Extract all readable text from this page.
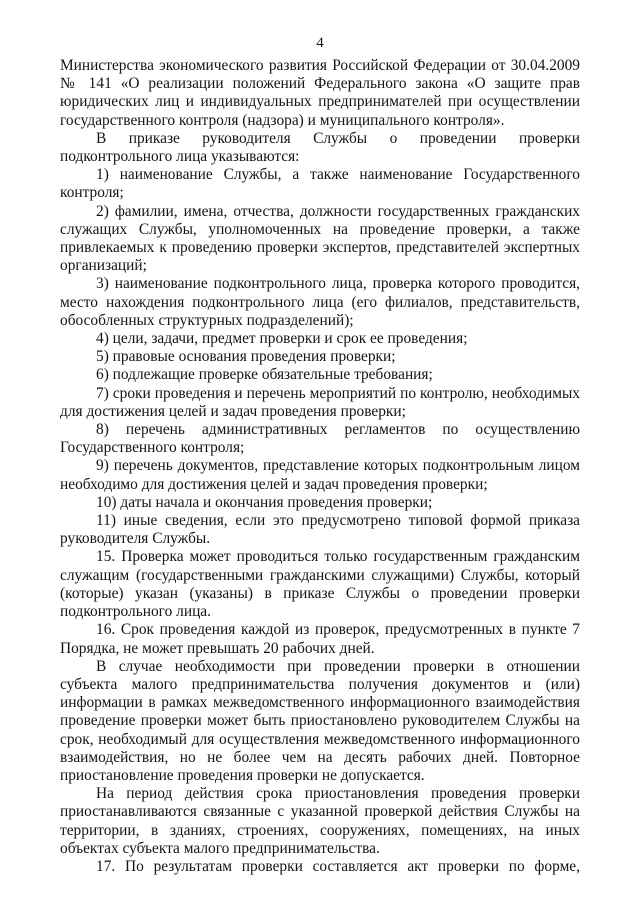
4

Министерства экономического развития Российской Федерации от 30.04.2009 № 141 «О реализации положений Федерального закона «О защите прав юридических лиц и индивидуальных предпринимателей при осуществлении государственного контроля (надзора) и муниципального контроля».

В приказе руководителя Службы о проведении проверки подконтрольного лица указываются:

1) наименование Службы, а также наименование Государственного контроля;

2) фамилии, имена, отчества, должности государственных гражданских служащих Службы, уполномоченных на проведение проверки, а также привлекаемых к проведению проверки экспертов, представителей экспертных организаций;

3) наименование подконтрольного лица, проверка которого проводится, место нахождения подконтрольного лица (его филиалов, представительств, обособленных структурных подразделений);

4) цели, задачи, предмет проверки и срок ее проведения;

5) правовые основания проведения проверки;

6) подлежащие проверке обязательные требования;

7) сроки проведения и перечень мероприятий по контролю, необходимых для достижения целей и задач проведения проверки;

8) перечень административных регламентов по осуществлению Государственного контроля;

9) перечень документов, представление которых подконтрольным лицом необходимо для достижения целей и задач проведения проверки;

10) даты начала и окончания проведения проверки;

11) иные сведения, если это предусмотрено типовой формой приказа руководителя Службы.

15. Проверка может проводиться только государственным гражданским служащим (государственными гражданскими служащими) Службы, который (которые) указан (указаны) в приказе Службы о проведении проверки подконтрольного лица.

16. Срок проведения каждой из проверок, предусмотренных в пункте 7 Порядка, не может превышать 20 рабочих дней.

В случае необходимости при проведении проверки в отношении субъекта малого предпринимательства получения документов и (или) информации в рамках межведомственного информационного взаимодействия проведение проверки может быть приостановлено руководителем Службы на срок, необходимый для осуществления межведомственного информационного взаимодействия, но не более чем на десять рабочих дней. Повторное приостановление проведения проверки не допускается.

На период действия срока приостановления проведения проверки приостанавливаются связанные с указанной проверкой действия Службы на территории, в зданиях, строениях, сооружениях, помещениях, на иных объектах субъекта малого предпринимательства.

17. По результатам проверки составляется акт проверки по форме,
